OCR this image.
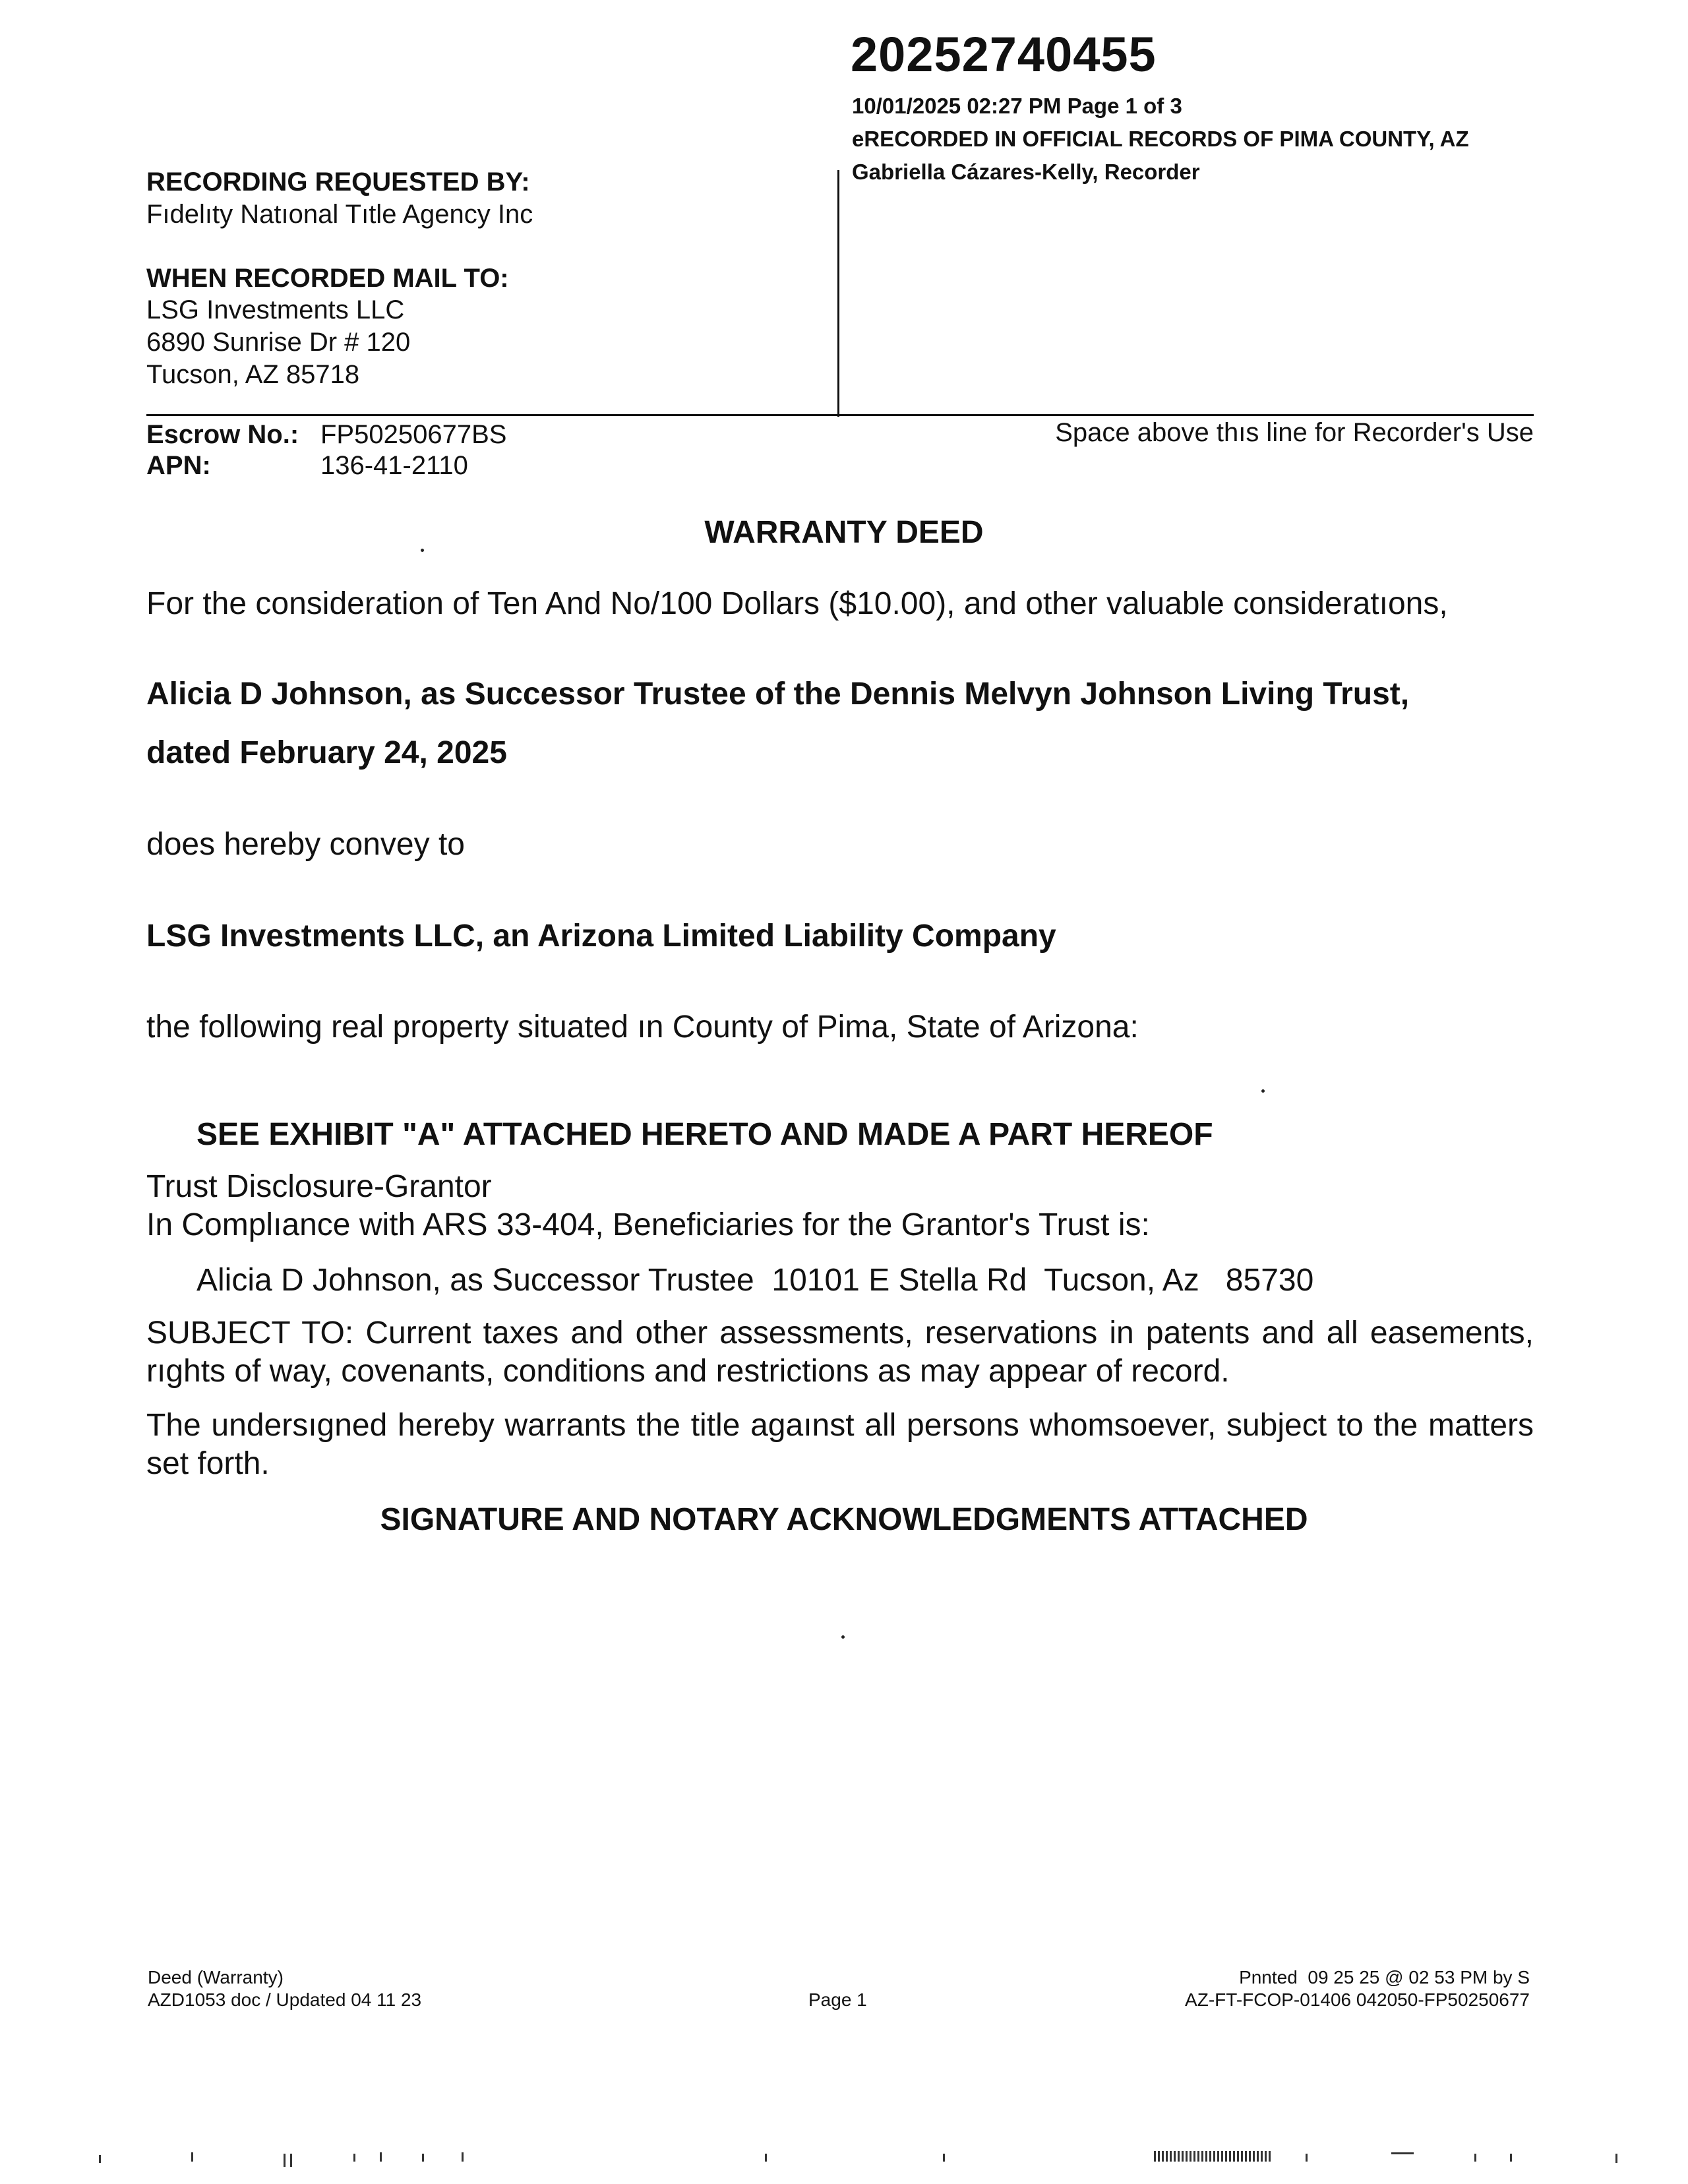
20252740455
10/01/2025 02:27 PM Page 1 of 3
eRECORDED IN OFFICIAL RECORDS OF PIMA COUNTY, AZ
Gabriella Cázares-Kelly, Recorder
RECORDING REQUESTED BY:
Fıdelıty Natıonal Tıtle Agency Inc
WHEN RECORDED MAIL TO:
LSG Investments LLC
6890 Sunrise Dr # 120
Tucson, AZ 85718
Escrow No.: FP50250677BS
APN:	136-41-2110
Space above thıs line for Recorder's Use
WARRANTY DEED
For the consideration of Ten And No/100 Dollars ($10.00), and other valuable consideratıons,
Alicia D Johnson, as Successor Trustee of the Dennis Melvyn Johnson Living Trust,
dated February 24, 2025
does hereby convey to
LSG Investments LLC, an Arizona Limited Liability Company
the following real property situated ın County of Pima, State of Arizona:
SEE EXHIBIT "A" ATTACHED HERETO AND MADE A PART HEREOF
Trust Disclosure-Grantor
In Complıance with ARS 33-404, Beneficiaries for the Grantor's Trust is:
Alicia D Johnson, as Successor Trustee  10101 E Stella Rd  Tucson, Az   85730
SUBJECT TO: Current taxes and other assessments, reservations in patents and all easements, rıghts of way, covenants, conditions and restrictions as may appear of record.
The undersıgned hereby warrants the title agaınst all persons whomsoever, subject to the matters set forth.
SIGNATURE AND NOTARY ACKNOWLEDGMENTS ATTACHED
Deed (Warranty)
AZD1053 doc / Updated 04 11 23	Page 1
Pnnted  09 25 25 @ 02 53 PM by S
AZ-FT-FCOP-01406 042050-FP50250677
